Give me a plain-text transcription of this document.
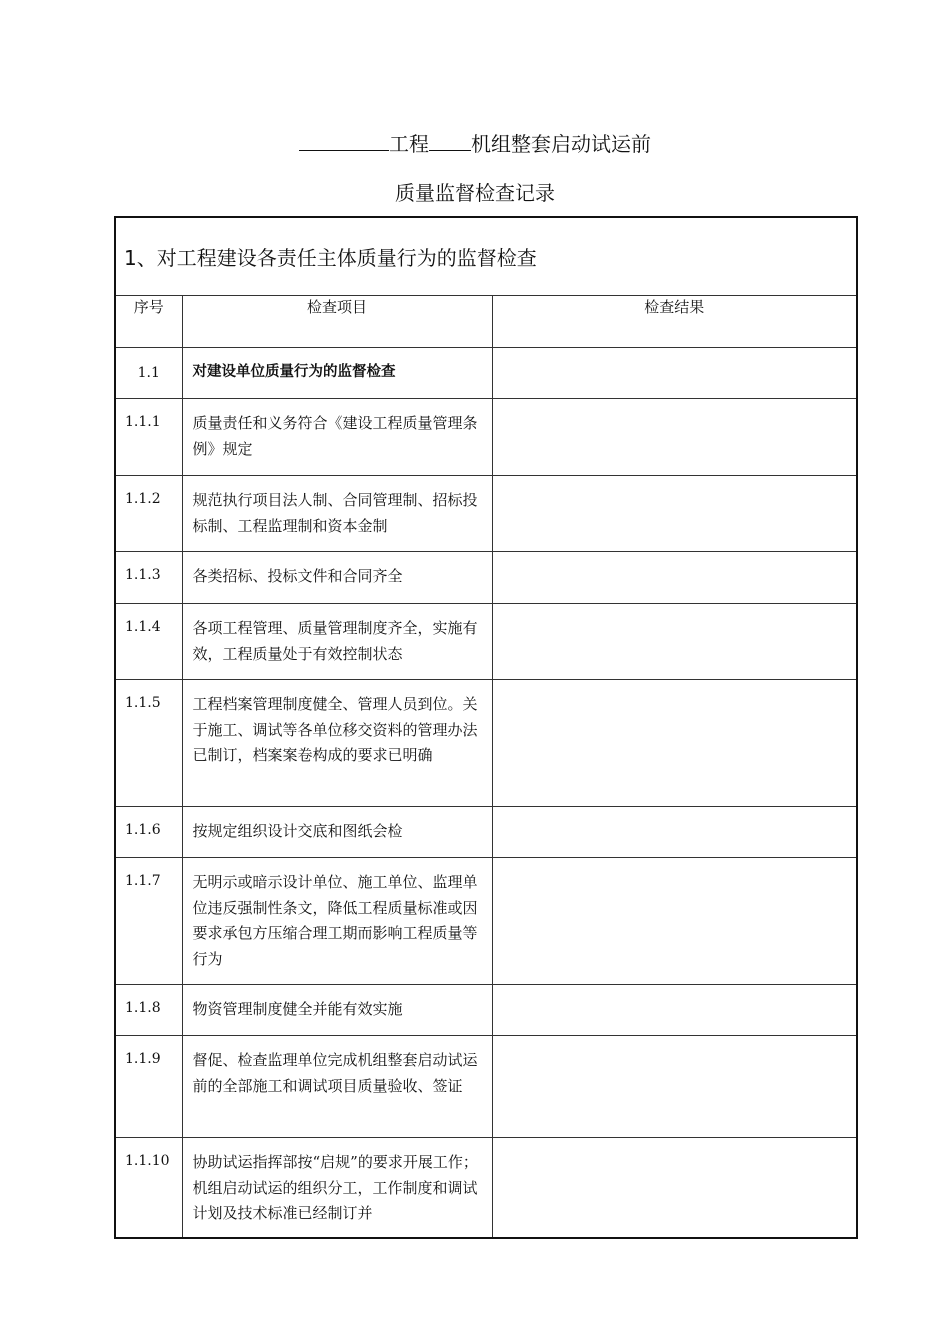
工程 机组整套启动试运前
质量监督检查记录
1、对工程建设各责任主体质量行为的监督检查		
序号	检查项目	检查结果
1.1	对建设单位质量行为的监督检查	
1.1.1	质量责任和义务符合《建设工程质量管理条例》规定	
1.1.2	规范执行项目法人制、合同管理制、招标投标制、工程监理制和资本金制	
1.1.3	各类招标、投标文件和合同齐全	
1.1.4	各项工程管理、质量管理制度齐全，实施有效，工程质量处于有效控制状态	
1.1.5	工程档案管理制度健全、管理人员到位。关于施工、调试等各单位移交资料的管理办法已制订，档案案卷构成的要求已明确	
1.1.6	按规定组织设计交底和图纸会检	
1.1.7	无明示或暗示设计单位、施工单位、监理单位违反强制性条文，降低工程质量标准或因要求承包方压缩合理工期而影响工程质量等行为	
1.1.8	物资管理制度健全并能有效实施	
1.1.9	督促、检查监理单位完成机组整套启动试运前的全部施工和调试项目质量验收、签证	
1.1.10	协助试运指挥部按“启规”的要求开展工作；机组启动试运的组织分工，工作制度和调试计划及技术标准已经制订并	
